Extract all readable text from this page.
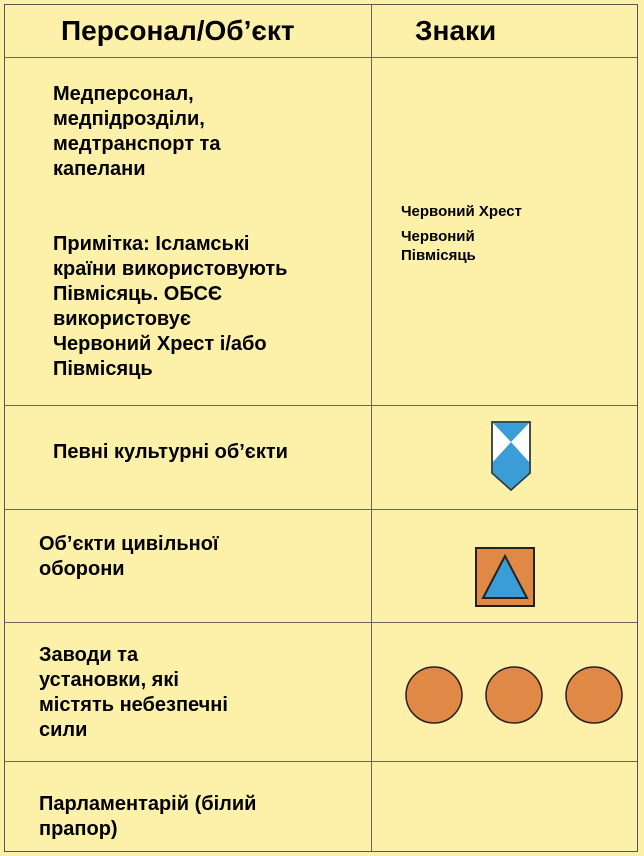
Персонал/Об’єкт	Знаки
Медперсонал,
медпідрозділи,
медтранспорт та
капелани
Примітка: Ісламські
країни використовують
Півмісяць. ОБСЄ
використовує
Червоний Хрест і/або
Півмісяць
Червоний Хрест
Червоний
Півмісяць
Певні культурні об’єкти
Об’єкти цивільної
оборони
Заводи та
установки, які
містять небезпечні
сили
Парламентарій (білий
прапор)
